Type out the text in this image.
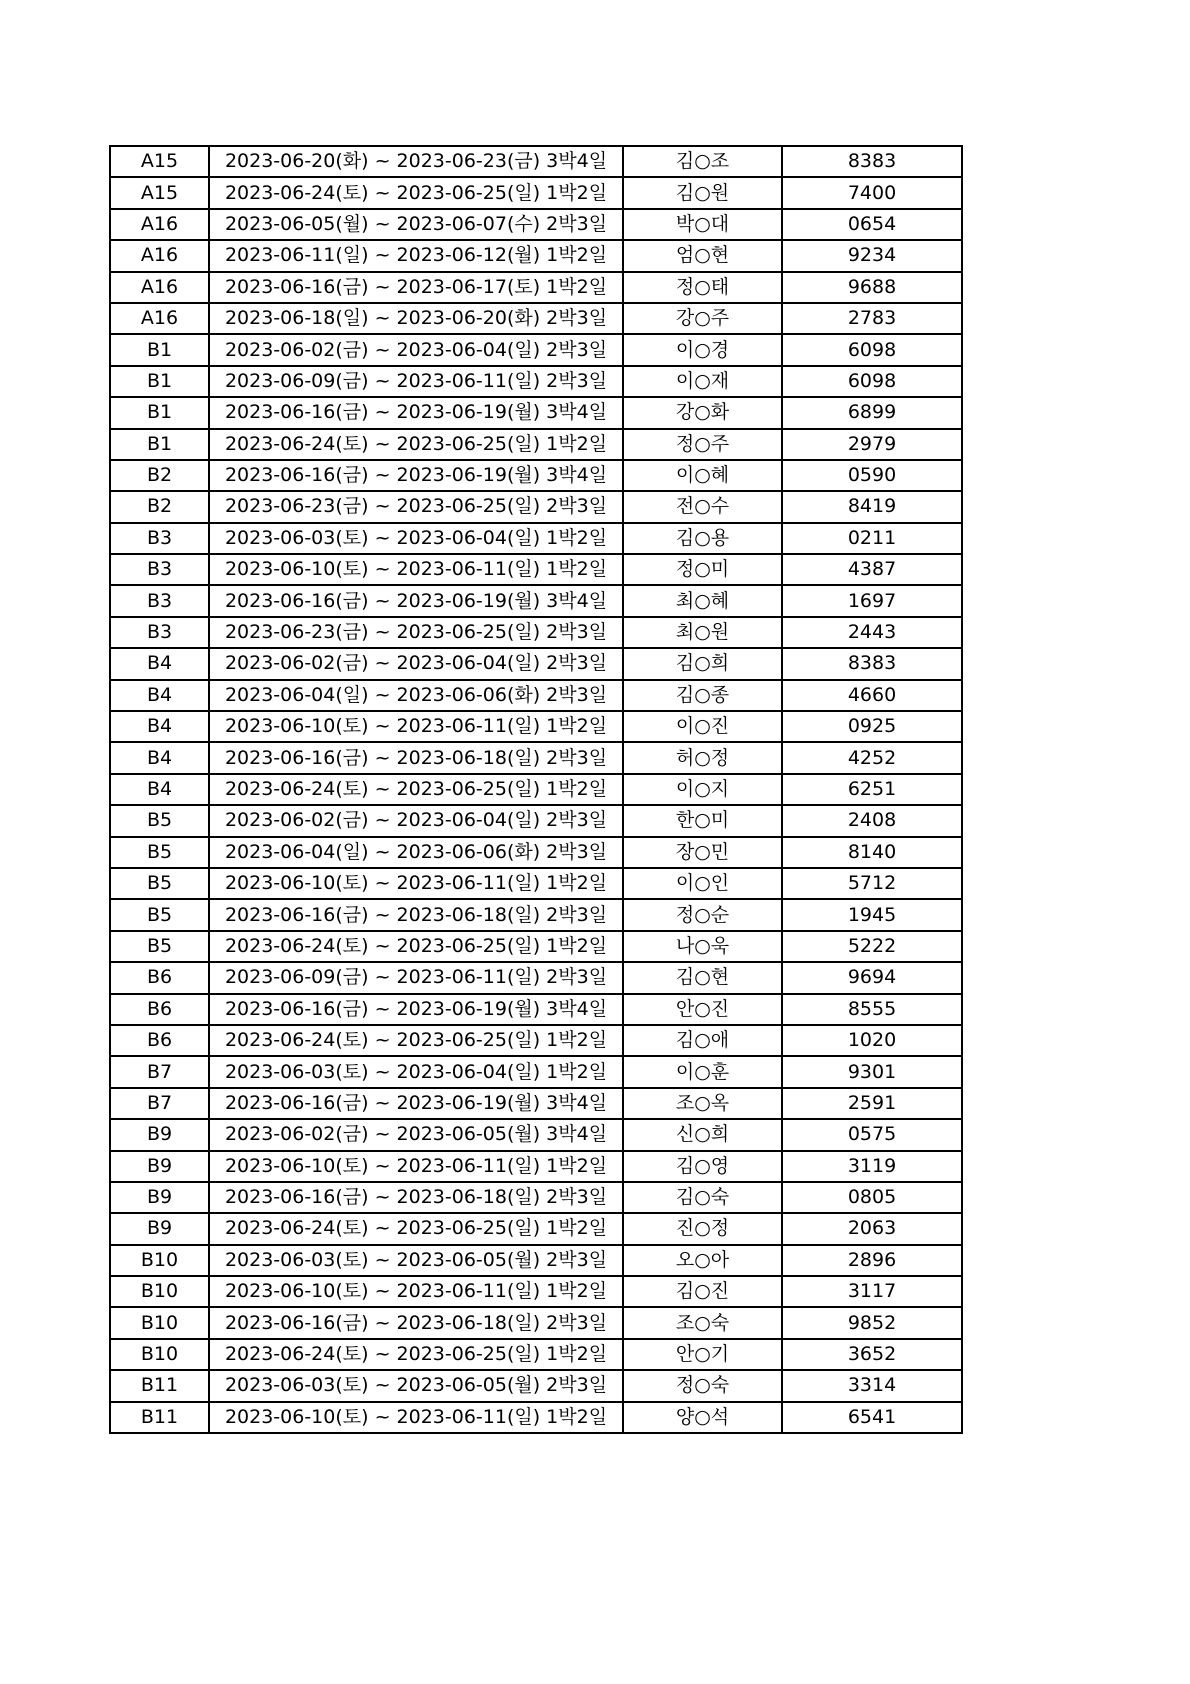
A15	2023-06-20(화) ~ 2023-06-23(금) 3박4일	김○조	8383
A15	2023-06-24(토) ~ 2023-06-25(일) 1박2일	김○원	7400
A16	2023-06-05(월) ~ 2023-06-07(수) 2박3일	박○대	0654
A16	2023-06-11(일) ~ 2023-06-12(월) 1박2일	엄○현	9234
A16	2023-06-16(금) ~ 2023-06-17(토) 1박2일	정○태	9688
A16	2023-06-18(일) ~ 2023-06-20(화) 2박3일	강○주	2783
B1	2023-06-02(금) ~ 2023-06-04(일) 2박3일	이○경	6098
B1	2023-06-09(금) ~ 2023-06-11(일) 2박3일	이○재	6098
B1	2023-06-16(금) ~ 2023-06-19(월) 3박4일	강○화	6899
B1	2023-06-24(토) ~ 2023-06-25(일) 1박2일	정○주	2979
B2	2023-06-16(금) ~ 2023-06-19(월) 3박4일	이○혜	0590
B2	2023-06-23(금) ~ 2023-06-25(일) 2박3일	전○수	8419
B3	2023-06-03(토) ~ 2023-06-04(일) 1박2일	김○용	0211
B3	2023-06-10(토) ~ 2023-06-11(일) 1박2일	정○미	4387
B3	2023-06-16(금) ~ 2023-06-19(월) 3박4일	최○혜	1697
B3	2023-06-23(금) ~ 2023-06-25(일) 2박3일	최○원	2443
B4	2023-06-02(금) ~ 2023-06-04(일) 2박3일	김○희	8383
B4	2023-06-04(일) ~ 2023-06-06(화) 2박3일	김○종	4660
B4	2023-06-10(토) ~ 2023-06-11(일) 1박2일	이○진	0925
B4	2023-06-16(금) ~ 2023-06-18(일) 2박3일	허○정	4252
B4	2023-06-24(토) ~ 2023-06-25(일) 1박2일	이○지	6251
B5	2023-06-02(금) ~ 2023-06-04(일) 2박3일	한○미	2408
B5	2023-06-04(일) ~ 2023-06-06(화) 2박3일	장○민	8140
B5	2023-06-10(토) ~ 2023-06-11(일) 1박2일	이○인	5712
B5	2023-06-16(금) ~ 2023-06-18(일) 2박3일	정○순	1945
B5	2023-06-24(토) ~ 2023-06-25(일) 1박2일	나○욱	5222
B6	2023-06-09(금) ~ 2023-06-11(일) 2박3일	김○현	9694
B6	2023-06-16(금) ~ 2023-06-19(월) 3박4일	안○진	8555
B6	2023-06-24(토) ~ 2023-06-25(일) 1박2일	김○애	1020
B7	2023-06-03(토) ~ 2023-06-04(일) 1박2일	이○훈	9301
B7	2023-06-16(금) ~ 2023-06-19(월) 3박4일	조○옥	2591
B9	2023-06-02(금) ~ 2023-06-05(월) 3박4일	신○희	0575
B9	2023-06-10(토) ~ 2023-06-11(일) 1박2일	김○영	3119
B9	2023-06-16(금) ~ 2023-06-18(일) 2박3일	김○숙	0805
B9	2023-06-24(토) ~ 2023-06-25(일) 1박2일	진○정	2063
B10	2023-06-03(토) ~ 2023-06-05(월) 2박3일	오○아	2896
B10	2023-06-10(토) ~ 2023-06-11(일) 1박2일	김○진	3117
B10	2023-06-16(금) ~ 2023-06-18(일) 2박3일	조○숙	9852
B10	2023-06-24(토) ~ 2023-06-25(일) 1박2일	안○기	3652
B11	2023-06-03(토) ~ 2023-06-05(월) 2박3일	정○숙	3314
B11	2023-06-10(토) ~ 2023-06-11(일) 1박2일	양○석	6541
